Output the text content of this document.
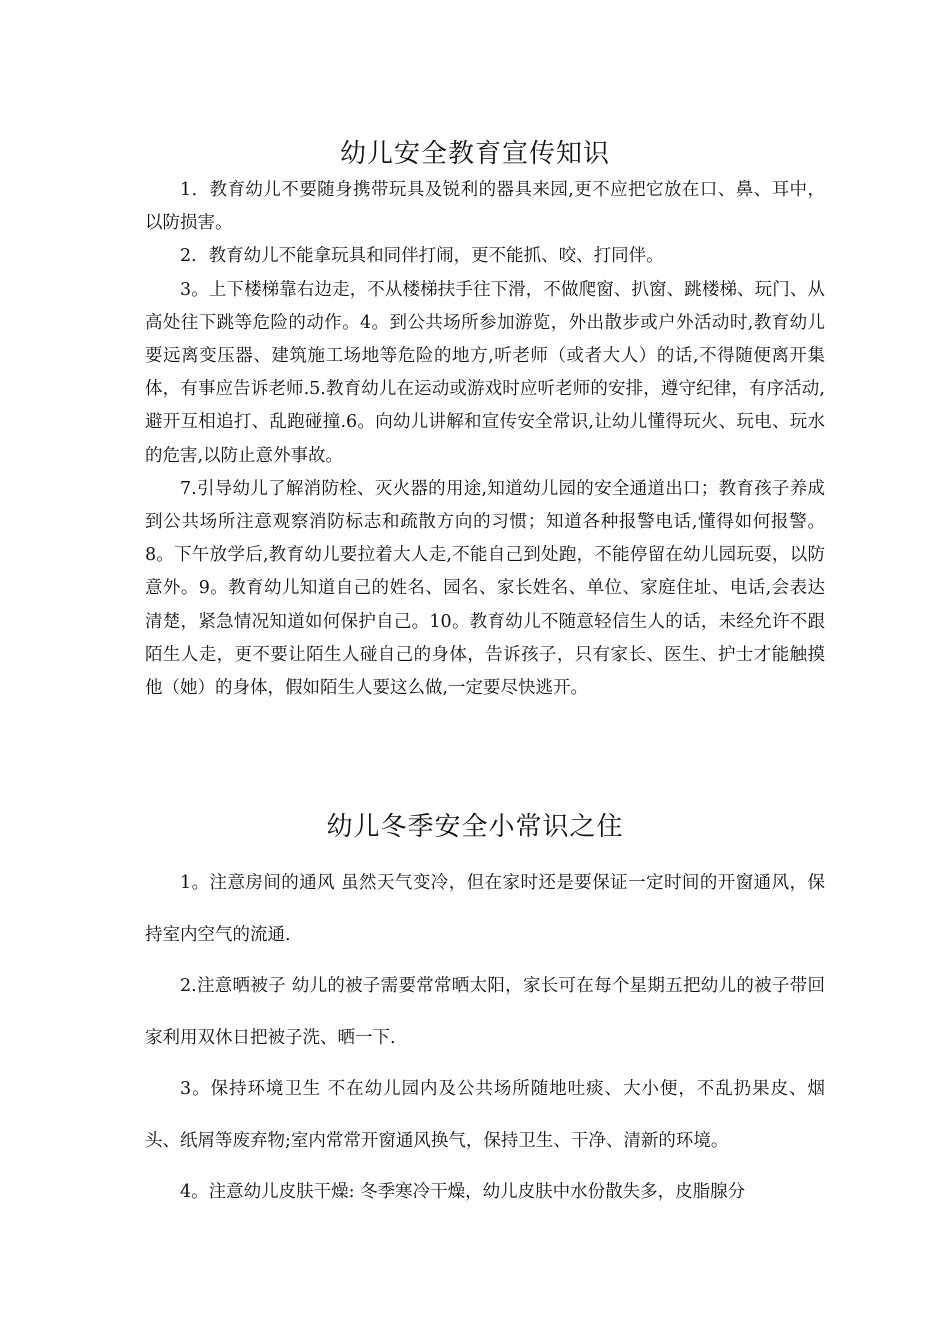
幼儿安全教育宣传知识

1．教育幼儿不要随身携带玩具及锐利的器具来园,更不应把它放在口、鼻、耳中，以防损害。

2．教育幼儿不能拿玩具和同伴打闹，更不能抓、咬、打同伴。

3。上下楼梯靠右边走，不从楼梯扶手往下滑，不做爬窗、扒窗、跳楼梯、玩门、从高处往下跳等危险的动作。4。到公共场所参加游览，外出散步或户外活动时,教育幼儿要远离变压器、建筑施工场地等危险的地方,听老师（或者大人）的话,不得随便离开集体，有事应告诉老师.5.教育幼儿在运动或游戏时应听老师的安排，遵守纪律，有序活动,避开互相追打、乱跑碰撞.6。向幼儿讲解和宣传安全常识,让幼儿懂得玩火、玩电、玩水的危害,以防止意外事故。

7.引导幼儿了解消防栓、灭火器的用途,知道幼儿园的安全通道出口；教育孩子养成到公共场所注意观察消防标志和疏散方向的习惯；知道各种报警电话,懂得如何报警。8。下午放学后,教育幼儿要拉着大人走,不能自己到处跑，不能停留在幼儿园玩耍，以防意外。9。教育幼儿知道自己的姓名、园名、家长姓名、单位、家庭住址、电话,会表达清楚，紧急情况知道如何保护自己。10。教育幼儿不随意轻信生人的话，未经允许不跟陌生人走，更不要让陌生人碰自己的身体，告诉孩子，只有家长、医生、护士才能触摸他（她）的身体，假如陌生人要这么做,一定要尽快逃开。

幼儿冬季安全小常识之住

1。注意房间的通风 虽然天气变冷，但在家时还是要保证一定时间的开窗通风，保持室内空气的流通.

2.注意晒被子 幼儿的被子需要常常晒太阳，家长可在每个星期五把幼儿的被子带回家利用双休日把被子洗、晒一下.

3。保持环境卫生 不在幼儿园内及公共场所随地吐痰、大小便，不乱扔果皮、烟头、纸屑等废弃物;室内常常开窗通风换气，保持卫生、干净、清新的环境。

4。注意幼儿皮肤干燥: 冬季寒冷干燥，幼儿皮肤中水份散失多，皮脂腺分
